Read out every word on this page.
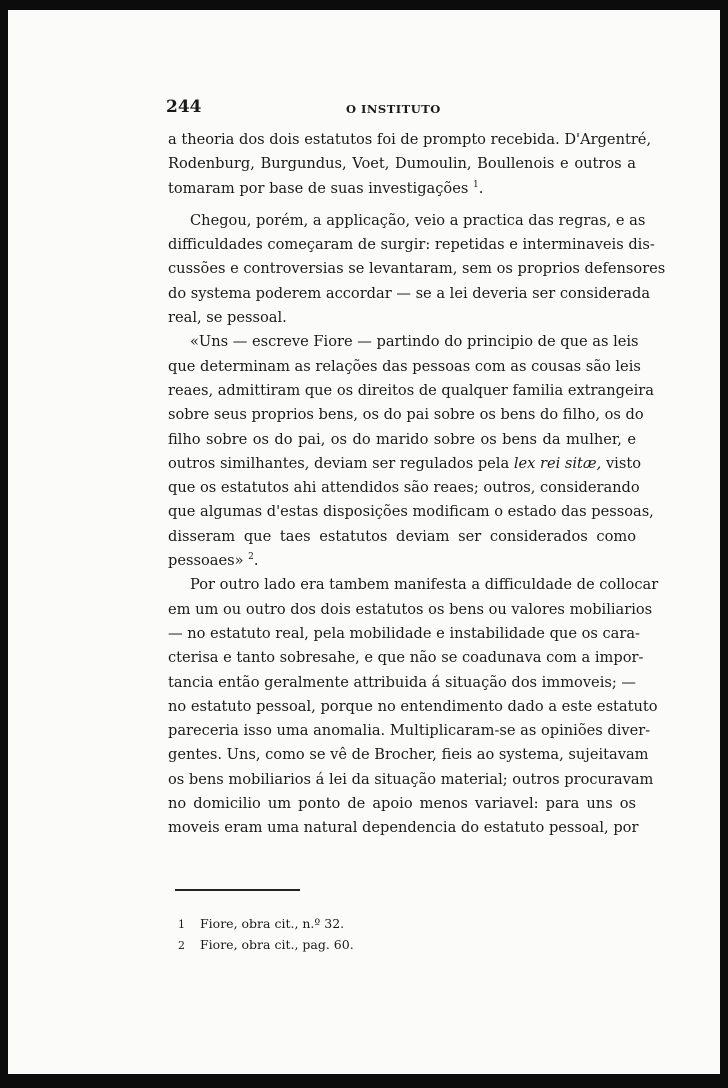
244	O INSTITUTO
a theoria dos dois estatutos foi de prompto recebida. D'Argentré,
Rodenburg, Burgundus, Voet, Dumoulin, Boullenois e outros a
tomaram por base de suas investigações $^1$.
Chegou, porém, a applicação, veio a practica das regras, e as
difficuldades começaram de surgir: repetidas e interminaveis dis-
cussões e controversias se levantaram, sem os proprios defensores
do systema poderem accordar — se a lei deveria ser considerada
real, se pessoal.
«Uns — escreve Fiore — partindo do principio de que as leis
que determinam as relações das pessoas com as cousas são leis
reaes, admittiram que os direitos de qualquer familia extrangeira
sobre seus proprios bens, os do pai sobre os bens do filho, os do
filho sobre os do pai, os do marido sobre os bens da mulher, e
outros similhantes, deviam ser regulados pela lex rei sitæ, visto
que os estatutos ahi attendidos são reaes; outros, considerando
que algumas d'estas disposições modificam o estado das pessoas,
disseram que taes estatutos deviam ser considerados como
pessoaes» $^2$.
Por outro lado era tambem manifesta a difficuldade de collocar
em um ou outro dos dois estatutos os bens ou valores mobiliarios
— no estatuto real, pela mobilidade e instabilidade que os cara-
cterisa e tanto sobresahe, e que não se coadunava com a impor-
tancia então geralmente attribuida á situação dos immoveis; —
no estatuto pessoal, porque no entendimento dado a este estatuto
pareceria isso uma anomalia. Multiplicaram-se as opiniões diver-
gentes. Uns, como se vê de Brocher, fieis ao systema, sujeitavam
os bens mobiliarios á lei da situação material; outros procuravam
no domicilio um ponto de apoio menos variavel: para uns os
moveis eram uma natural dependencia do estatuto pessoal, por
1 Fiore, obra cit., n.º 32.
2 Fiore, obra cit., pag. 60.
